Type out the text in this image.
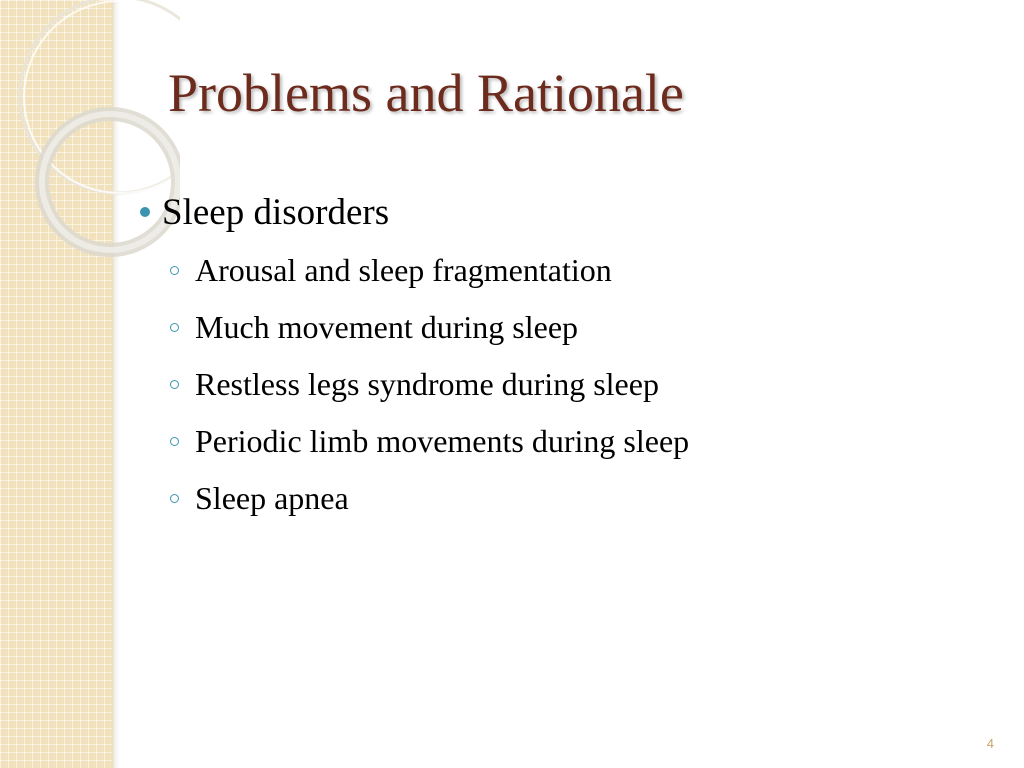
Problems and Rationale
Sleep disorders
Arousal and sleep fragmentation
Much movement during sleep
Restless legs syndrome during sleep
Periodic limb movements during sleep
Sleep apnea
4
